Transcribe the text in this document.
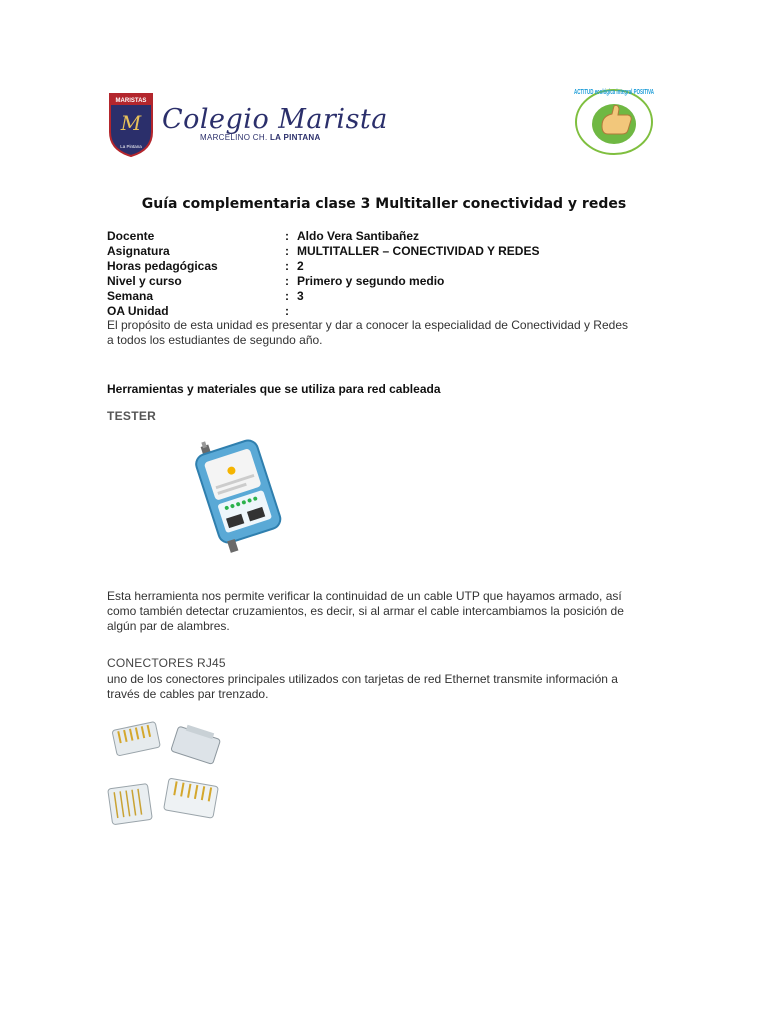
MARISTAS
M
La Pintana
Colegio Marista
MARCELINO CH. LA PINTANA
ACTITUD ecológica integral POSITIVA
Guía complementaria clase 3 Multitaller conectividad y redes
Docente	: Aldo Vera Santibañez
Asignatura	: MULTITALLER – CONECTIVIDAD Y REDES
Horas pedagógicas	: 2
Nivel y curso	: Primero y segundo medio
Semana	: 3
OA Unidad	:
El propósito de esta unidad es presentar y dar a conocer la especialidad de Conectividad y Redes
a todos los estudiantes de segundo año.
Herramientas y materiales que se utiliza para red cableada
TESTER
Esta herramienta nos permite verificar la continuidad de un cable UTP que hayamos armado, así
como también detectar cruzamientos, es decir, si al armar el cable intercambiamos la posición de
algún par de alambres.
CONECTORES RJ45
uno de los conectores principales utilizados con tarjetas de red Ethernet transmite información a
través de cables par trenzado.
